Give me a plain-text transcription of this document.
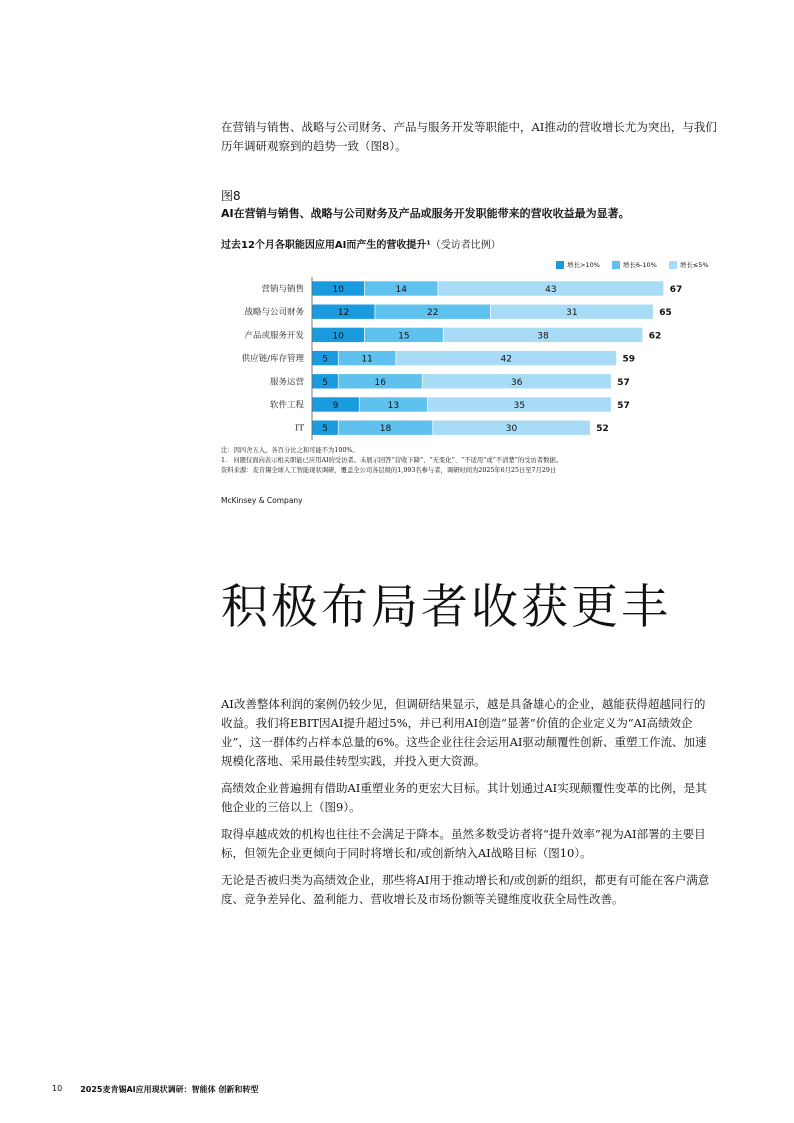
在营销与销售、战略与公司财务、产品与服务开发等职能中，AI推动的营收增长尤为突出，与我们历年调研观察到的趋势一致（图8）。
图8
AI在营销与销售、战略与公司财务及产品或服务开发职能带来的营收收益最为显著。
过去12个月各职能因应用AI而产生的营收提升¹（受访者比例）
增长>10%	增长6-10%	增长≤5%
营销与销售	10	14	43	67
战略与公司财务	12	22	31	65
产品或服务开发	10	15	38	62
供应链/库存管理 5	11	42	59
服务运营 5	16	36	57
软件工程	9	13	35	57
IT 5	18	30	52
注：因四舍五入，各百分比之和可能不为100%。
1.　问题仅面向表示相关职能已应用AI的受访者。未展示回答“营收下降”、“无变化”、“不适用”或“不清楚”的受访者数据。
资料来源：麦肯锡全球人工智能现状调研，覆盖全公司各层级的1,993名参与者，调研时间为2025年6月25日至7月29日
McKinsey & Company
积极布局者收获更丰

AI改善整体利润的案例仍较少见，但调研结果显示，越是具备雄心的企业，越能获得超越同行的收益。我们将EBIT因AI提升超过5%，并已利用AI创造“显著”价值的企业定义为“AI高绩效企业”，这一群体约占样本总量的6%。这些企业往往会运用AI驱动颠覆性创新、重塑工作流、加速规模化落地、采用最佳转型实践，并投入更大资源。

高绩效企业普遍拥有借助AI重塑业务的更宏大目标。其计划通过AI实现颠覆性变革的比例，是其他企业的三倍以上（图9）。

取得卓越成效的机构也往往不会满足于降本。虽然多数受访者将“提升效率”视为AI部署的主要目标，但领先企业更倾向于同时将增长和/或创新纳入AI战略目标（图10）。

无论是否被归类为高绩效企业，那些将AI用于推动增长和/或创新的组织，都更有可能在客户满意度、竞争差异化、盈利能力、营收增长及市场份额等关键维度收获全局性改善。

10 2025麦肯锡AI应用现状调研：智能体 创新和转型
